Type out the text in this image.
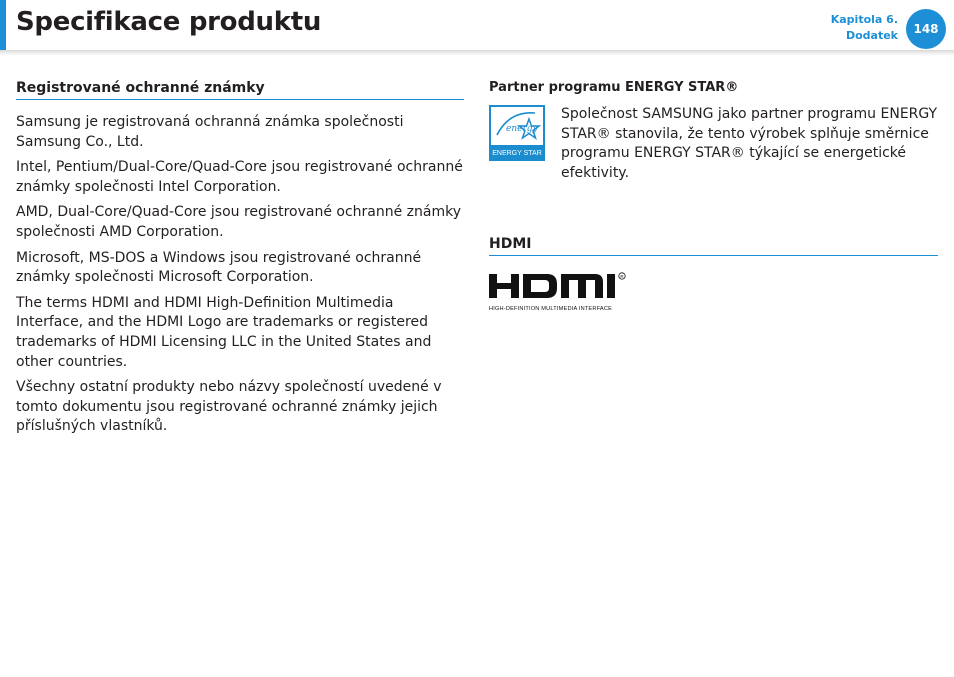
Specifikace produktu	Kapitola 6.
Dodatek	148
Registrované ochranné známky

Samsung je registrovaná ochranná známka společnosti Samsung Co., Ltd.

Intel, Pentium/Dual-Core/Quad-Core jsou registrované ochranné známky společnosti Intel Corporation.

AMD, Dual-Core/Quad-Core jsou registrované ochranné známky společnosti AMD Corporation.

Microsoft, MS-DOS a Windows jsou registrované ochranné známky společnosti Microsoft Corporation.

The terms HDMI and HDMI High-Definition Multimedia Interface, and the HDMI Logo are trademarks or registered trademarks of HDMI Licensing LLC in the United States and other countries.

Všechny ostatní produkty nebo názvy společností uvedené v tomto dokumentu jsou registrované ochranné známky jejich příslušných vlastníků.

Partner programu ENERGY STAR®
energy
ENERGY STAR

Společnost SAMSUNG jako partner programu ENERGY STAR® stanovila, že tento výrobek splňuje směrnice programu ENERGY STAR® týkající se energetické efektivity.

HDMI
R
HIGH-DEFINITION MULTIMEDIA INTERFACE
